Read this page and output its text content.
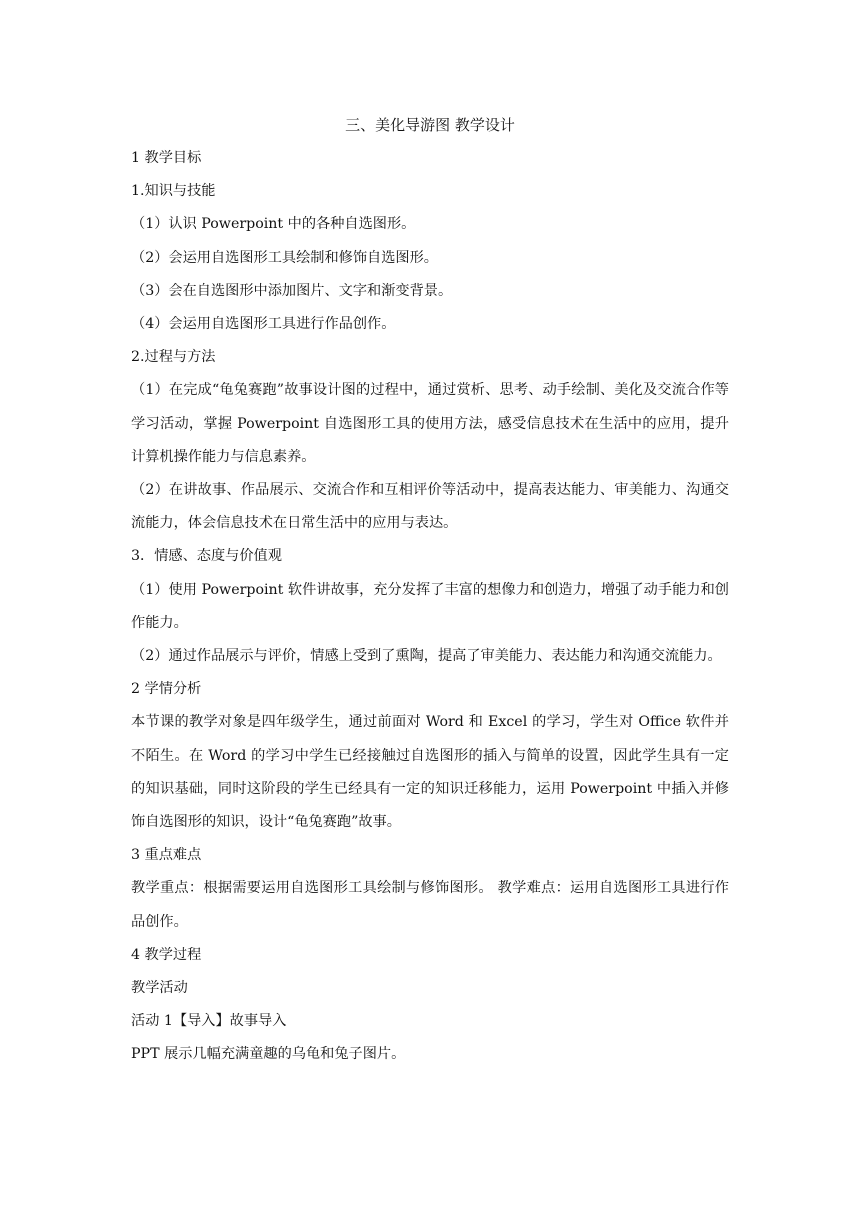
三、美化导游图 教学设计

1 教学目标

1.知识与技能

（1）认识 Powerpoint 中的各种自选图形。

（2）会运用自选图形工具绘制和修饰自选图形。

（3）会在自选图形中添加图片、文字和渐变背景。

（4）会运用自选图形工具进行作品创作。

2.过程与方法

（1）在完成“龟兔赛跑”故事设计图的过程中，通过赏析、思考、动手绘制、美化及交流合作等学习活动，掌握 Powerpoint 自选图形工具的使用方法，感受信息技术在生活中的应用，提升计算机操作能力与信息素养。

（2）在讲故事、作品展示、交流合作和互相评价等活动中，提高表达能力、审美能力、沟通交流能力，体会信息技术在日常生活中的应用与表达。

3．情感、态度与价值观

（1）使用 Powerpoint 软件讲故事，充分发挥了丰富的想像力和创造力，增强了动手能力和创作能力。

（2）通过作品展示与评价，情感上受到了熏陶，提高了审美能力、表达能力和沟通交流能力。

2 学情分析

本节课的教学对象是四年级学生，通过前面对 Word 和 Excel 的学习，学生对 Office 软件并不陌生。在 Word 的学习中学生已经接触过自选图形的插入与简单的设置，因此学生具有一定的知识基础，同时这阶段的学生已经具有一定的知识迁移能力，运用 Powerpoint 中插入并修饰自选图形的知识，设计“龟兔赛跑”故事。

3 重点难点

教学重点：根据需要运用自选图形工具绘制与修饰图形。 教学难点：运用自选图形工具进行作品创作。

4 教学过程

教学活动

活动 1【导入】故事导入

PPT 展示几幅充满童趣的乌龟和兔子图片。
